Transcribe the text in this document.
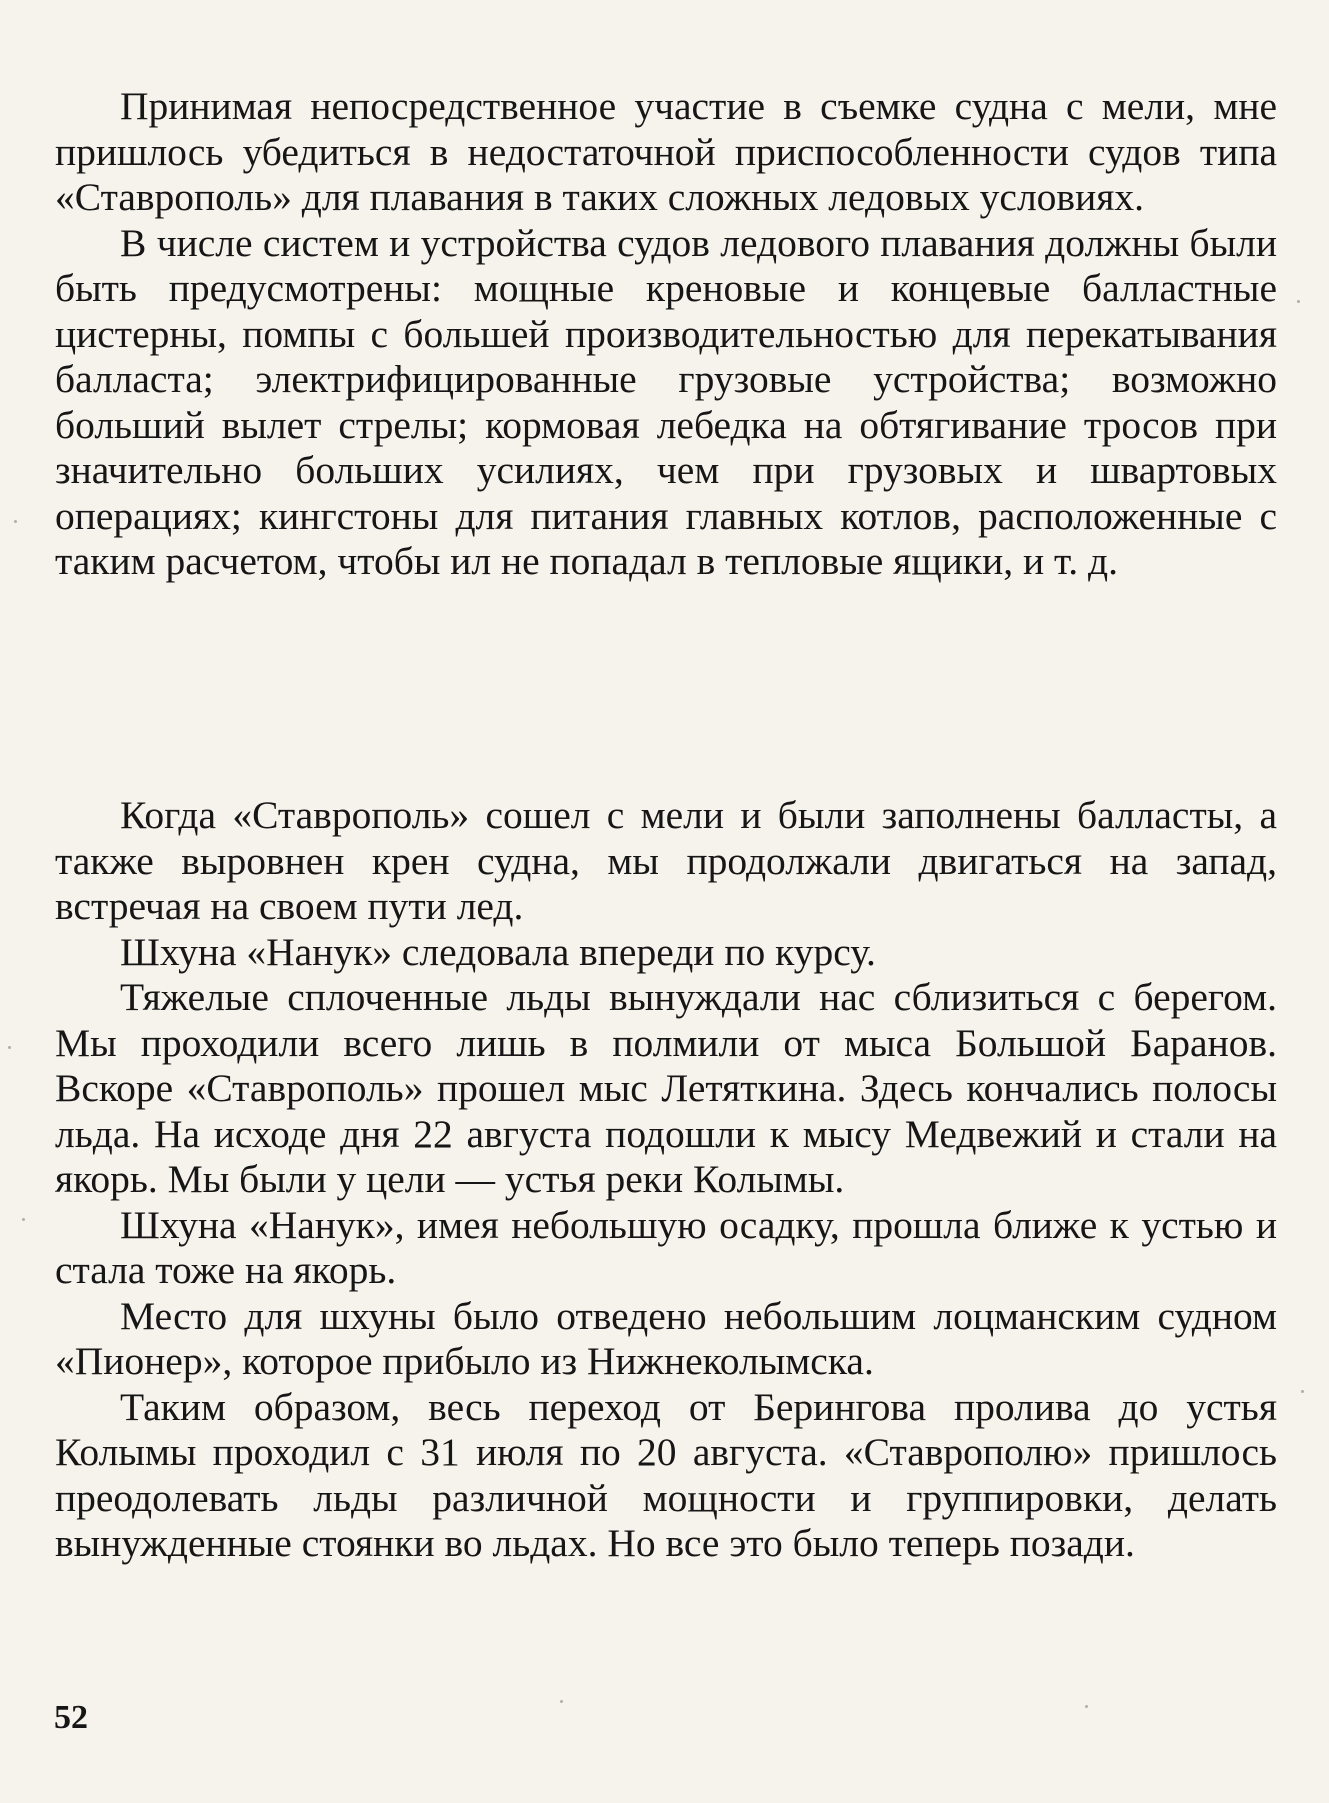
Принимая непосредственное участие в съемке судна с мели, мне пришлось убедиться в недостаточной приспособленности судов типа «Ставрополь» для плавания в таких сложных ледовых условиях.

В числе систем и устройства судов ледового плавания должны были быть предусмотрены: мощные креновые и концевые балластные цистерны, помпы с большей производительностью для перекатывания балласта; электрифицированные грузовые устройства; возможно больший вылет стрелы; кормовая лебедка на обтягивание тросов при значительно больших усилиях, чем при грузовых и швартовых операциях; кингстоны для питания главных котлов, расположенные с таким расчетом, чтобы ил не попадал в тепловые ящики, и т. д.

Когда «Ставрополь» сошел с мели и были заполнены балласты, а также выровнен крен судна, мы продолжали двигаться на запад, встречая на своем пути лед.

Шхуна «Нанук» следовала впереди по курсу.

Тяжелые сплоченные льды вынуждали нас сблизиться с берегом. Мы проходили всего лишь в полмили от мыса Большой Баранов. Вскоре «Ставрополь» прошел мыс Летяткина. Здесь кончались полосы льда. На исходе дня 22 августа подошли к мысу Медвежий и стали на якорь. Мы были у цели — устья реки Колымы.

Шхуна «Нанук», имея небольшую осадку, прошла ближе к устью и стала тоже на якорь.

Место для шхуны было отведено небольшим лоцманским судном «Пионер», которое прибыло из Нижнеколымска.

Таким образом, весь переход от Берингова пролива до устья Колымы проходил с 31 июля по 20 августа. «Ставрополю» пришлось преодолевать льды различной мощности и группировки, делать вынужденные стоянки во льдах. Но все это было теперь позади.

52
